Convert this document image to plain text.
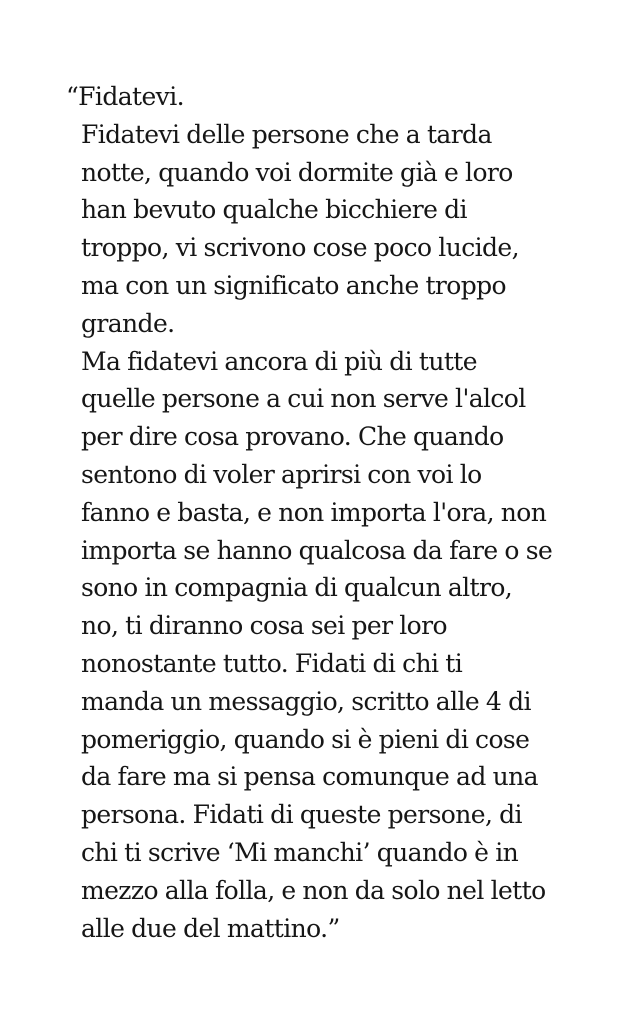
“Fidatevi.
Fidatevi delle persone che a tarda
notte, quando voi dormite già e loro
han bevuto qualche bicchiere di
troppo, vi scrivono cose poco lucide,
ma con un significato anche troppo
grande.
Ma fidatevi ancora di più di tutte
quelle persone a cui non serve l'alcol
per dire cosa provano. Che quando
sentono di voler aprirsi con voi lo
fanno e basta, e non importa l'ora, non
importa se hanno qualcosa da fare o se
sono in compagnia di qualcun altro,
no, ti diranno cosa sei per loro
nonostante tutto. Fidati di chi ti
manda un messaggio, scritto alle 4 di
pomeriggio, quando si è pieni di cose
da fare ma si pensa comunque ad una
persona. Fidati di queste persone, di
chi ti scrive ‘Mi manchi’ quando è in
mezzo alla folla, e non da solo nel letto
alle due del mattino.”
